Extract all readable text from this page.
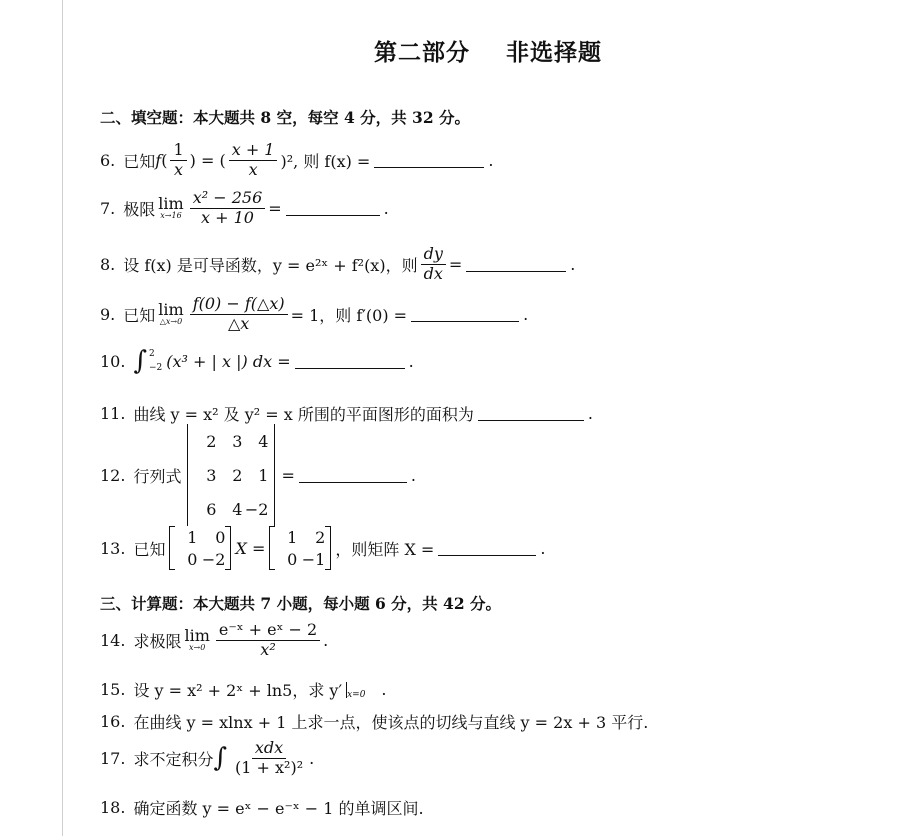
第二部分 非选择题
二、填空题：本大题共 8 空，每空 4 分，共 32 分。
6. 已知 f ( $\frac{1}{x}$ ) = ( $\frac{x + 1}{x} )^2$, 则 f(x) =	.
7. 极限 lim
$x\to 16 \frac{\text{x² − 256}}{x + 10}$ =	.
8. 设 f(x) 是可导函数，y = e²ˣ + f²(x)，则 $\frac{dy}{dx}$ =	.
9. 已知 lim
△x→0 $\frac{f(0) - f(\triangle x)}{\triangle x} = 1$，则 f′(0) =	.
10. ∫ 2
−2 (x³ + | x |) dx =	.
11. 曲线 y = x² 及 y² = x 所围的平面图形的面积为	.
12. 行列式
2 3 4
3 2 1
6 4 −2
=	.
13. 已知
1	0
0 −2
X =
1	2
0 −1
，则矩阵 X =	.
三、计算题：本大题共 7 小题，每小题 6 分，共 42 分。
14. 求极限 lim
$x\to 0 \frac{\text{e⁻ˣ + eˣ − 2}}{\text{x²}}$ .
15. 设 y = x² + 2ˣ + ln5，求 y′ $_{x=0}$ .
16. 在曲线 y = xlnx + 1 上求一点，使该点的切线与直线 y = 2x + 3 平行.
17. 求不定积分 ∫ $\frac{\text{xdx}}{\text{(1 + x²)²}}$ .
18. 确定函数 y = eˣ − e⁻ˣ − 1 的单调区间.
